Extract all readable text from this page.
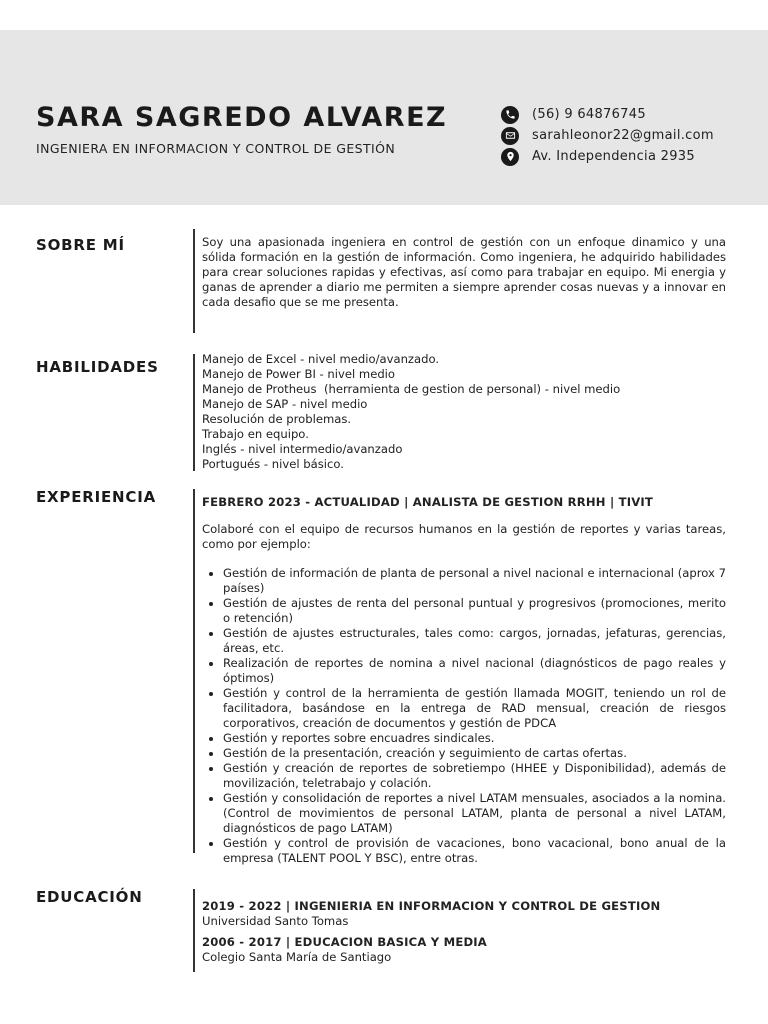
SARA SAGREDO ALVAREZ
INGENIERA EN INFORMACION Y CONTROL DE GESTIÓN
(56) 9 64876745
sarahleonor22@gmail.com
Av. Independencia 2935
SOBRE MÍ	Soy una apasionada ingeniera en control de gestión con un enfoque dinamico y una sólida formación en la gestión de información. Como ingeniera, he adquirido habilidades para crear soluciones rapidas y efectivas, así como para trabajar en equipo. Mi energia y ganas de aprender a diario me permiten a siempre aprender cosas nuevas y a innovar en cada desafio que se me presenta.
HABILIDADES	Manejo de Excel - nivel medio/avanzado.
Manejo de Power BI - nivel medio
Manejo de Protheus  (herramienta de gestion de personal) - nivel medio
Manejo de SAP - nivel medio
Resolución de problemas.
Trabajo en equipo.
Inglés - nivel intermedio/avanzado
Portugués - nivel básico.
EXPERIENCIA	FEBRERO 2023 - ACTUALIDAD | ANALISTA DE GESTION RRHH | TIVIT
Colaboré con el equipo de recursos humanos en la gestión de reportes y varias tareas, como por ejemplo:
• Gestión de información de planta de personal a nivel nacional e internacional (aprox 7 países)
• Gestión de ajustes de renta del personal puntual y progresivos (promociones, merito o retención)
• Gestión de ajustes estructurales, tales como: cargos, jornadas, jefaturas, gerencias, áreas, etc.
• Realización de reportes de nomina a nivel nacional (diagnósticos de pago reales y óptimos)
• Gestión y control de la herramienta de gestión llamada MOGIT, teniendo un rol de facilitadora, basándose en la entrega de RAD mensual, creación de riesgos corporativos, creación de documentos y gestión de PDCA
• Gestión y reportes sobre encuadres sindicales.
• Gestión de la presentación, creación y seguimiento de cartas ofertas.
• Gestión y creación de reportes de sobretiempo (HHEE y Disponibilidad), además de movilización, teletrabajo y colación.
• Gestión y consolidación de reportes a nivel LATAM mensuales, asociados a la nomina. (Control de movimientos de personal LATAM, planta de personal a nivel LATAM, diagnósticos de pago LATAM)
• Gestión y control de provisión de vacaciones, bono vacacional, bono anual de la empresa (TALENT POOL Y BSC), entre otras.
EDUCACIÓN	2019 - 2022 | INGENIERIA EN INFORMACION Y CONTROL DE GESTION
Universidad Santo Tomas
2006 - 2017 | EDUCACION BASICA Y MEDIA
Colegio Santa María de Santiago
